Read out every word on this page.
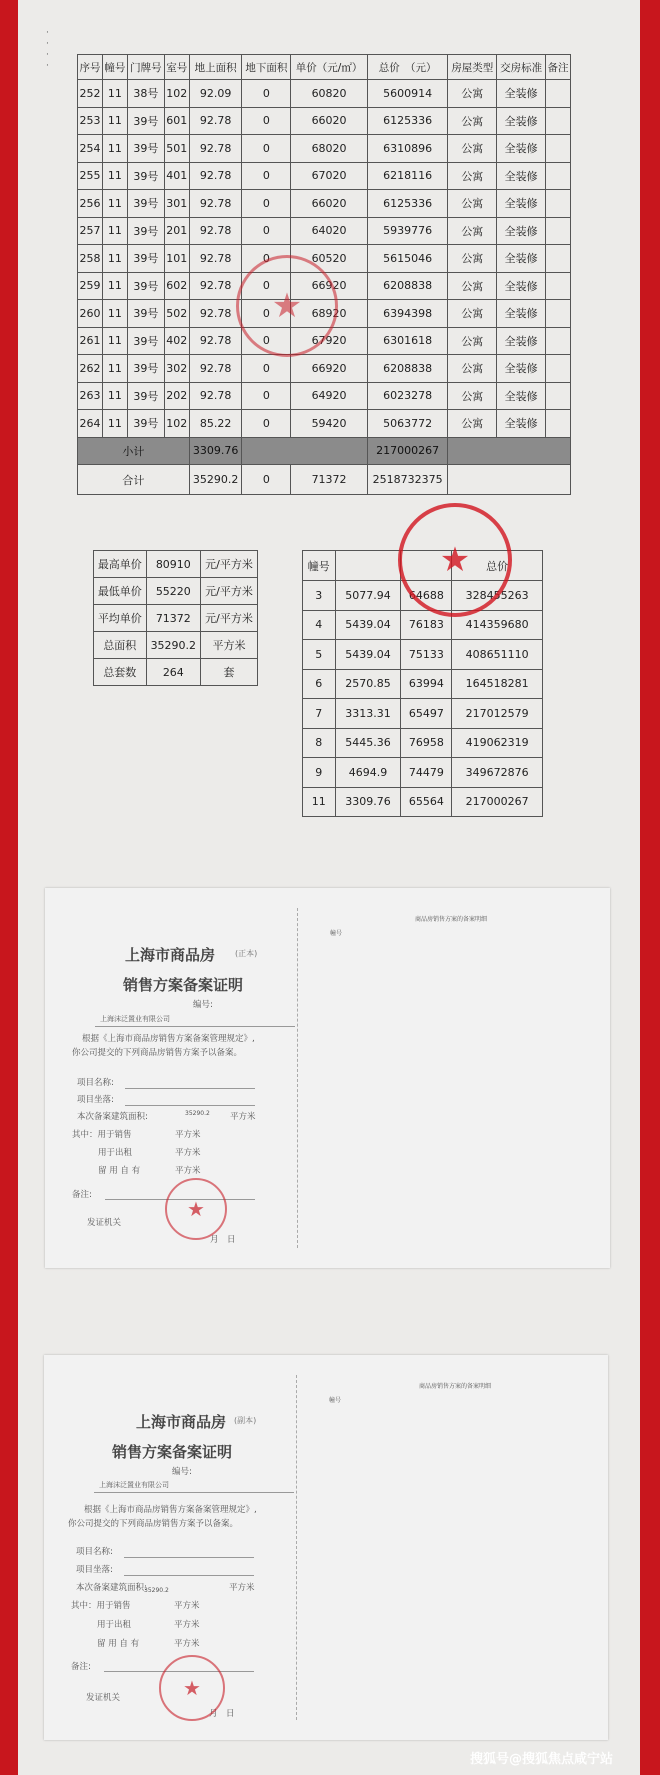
·
·
·
·	序号	幢号	门牌号	室号	地上面积	地下面积	单价（元/㎡）	总价　（元）	房屋类型	交房标准	备注
252	11	38号	102	92.09	0	60820	5600914	公寓	全装修	
253	11	39号	601	92.78	0	66020	6125336	公寓	全装修	
254	11	39号	501	92.78	0	68020	6310896	公寓	全装修	
255	11	39号	401	92.78	0	67020	6218116	公寓	全装修	
256	11	39号	301	92.78	0	66020	6125336	公寓	全装修	
257	11	39号	201	92.78	0	64020	5939776	公寓	全装修	
258	11	39号	101	92.78	0	60520	5615046	公寓	全装修	
259	11	39号	602	92.78	0	66920	6208838	公寓	全装修	
260	11	39号	502	92.78	0	68920	6394398	公寓	全装修	
261	11	39号	402	92.78	0	67920	6301618	公寓	全装修	
262	11	39号	302	92.78	0	66920	6208838	公寓	全装修	
263	11	39号	202	92.78	0	64920	6023278	公寓	全装修	
264	11	39号	102	85.22	0	59420	5063772	公寓	全装修	
小计				3309.76			217000267			
合计				35290.2	0	71372	2518732375			
★
最高单价	80910	元/平方米
最低单价	55220	元/平方米
平均单价	71372	元/平方米
总面积	35290.2	平方米
总套数	264	套
幢号			总价
3	5077.94	64688	328455263
4	5439.04	76183	414359680
5	5439.04	75133	408651110
6	2570.85	63994	164518281
7	3313.31	65497	217012579
8	5445.36	76958	419062319
9	4694.9	74479	349672876
11	3309.76	65564	217000267
★
上海市商品房 (正本)
销售方案备案证明
编号:
上海沫泛置业有限公司
根据《上海市商品房销售方案备案管理规定》,
你公司提交的下列商品房销售方案予以备案。
项目名称:
项目坐落:
本次备案建筑面积:	35290.2 平方米
其中：用于销售	平方米
用于出租	平方米
留 用 自 有	平方米
备注:
发证机关
月　日
★
商品房销售方案的备案明细
幢号
上海市商品房 (副本)
销售方案备案证明
编号:
上海沫泛置业有限公司
根据《上海市商品房销售方案备案管理规定》,
你公司提交的下列商品房销售方案予以备案。
项目名称:
项目坐落:
本次备案建筑面积:
35290.2	平方米
其中：用于销售	平方米
用于出租	平方米
留 用 自 有	平方米
备注:
发证机关
月　日
★
商品房销售方案的备案明细
幢号
搜狐号@搜狐焦点咸宁站
